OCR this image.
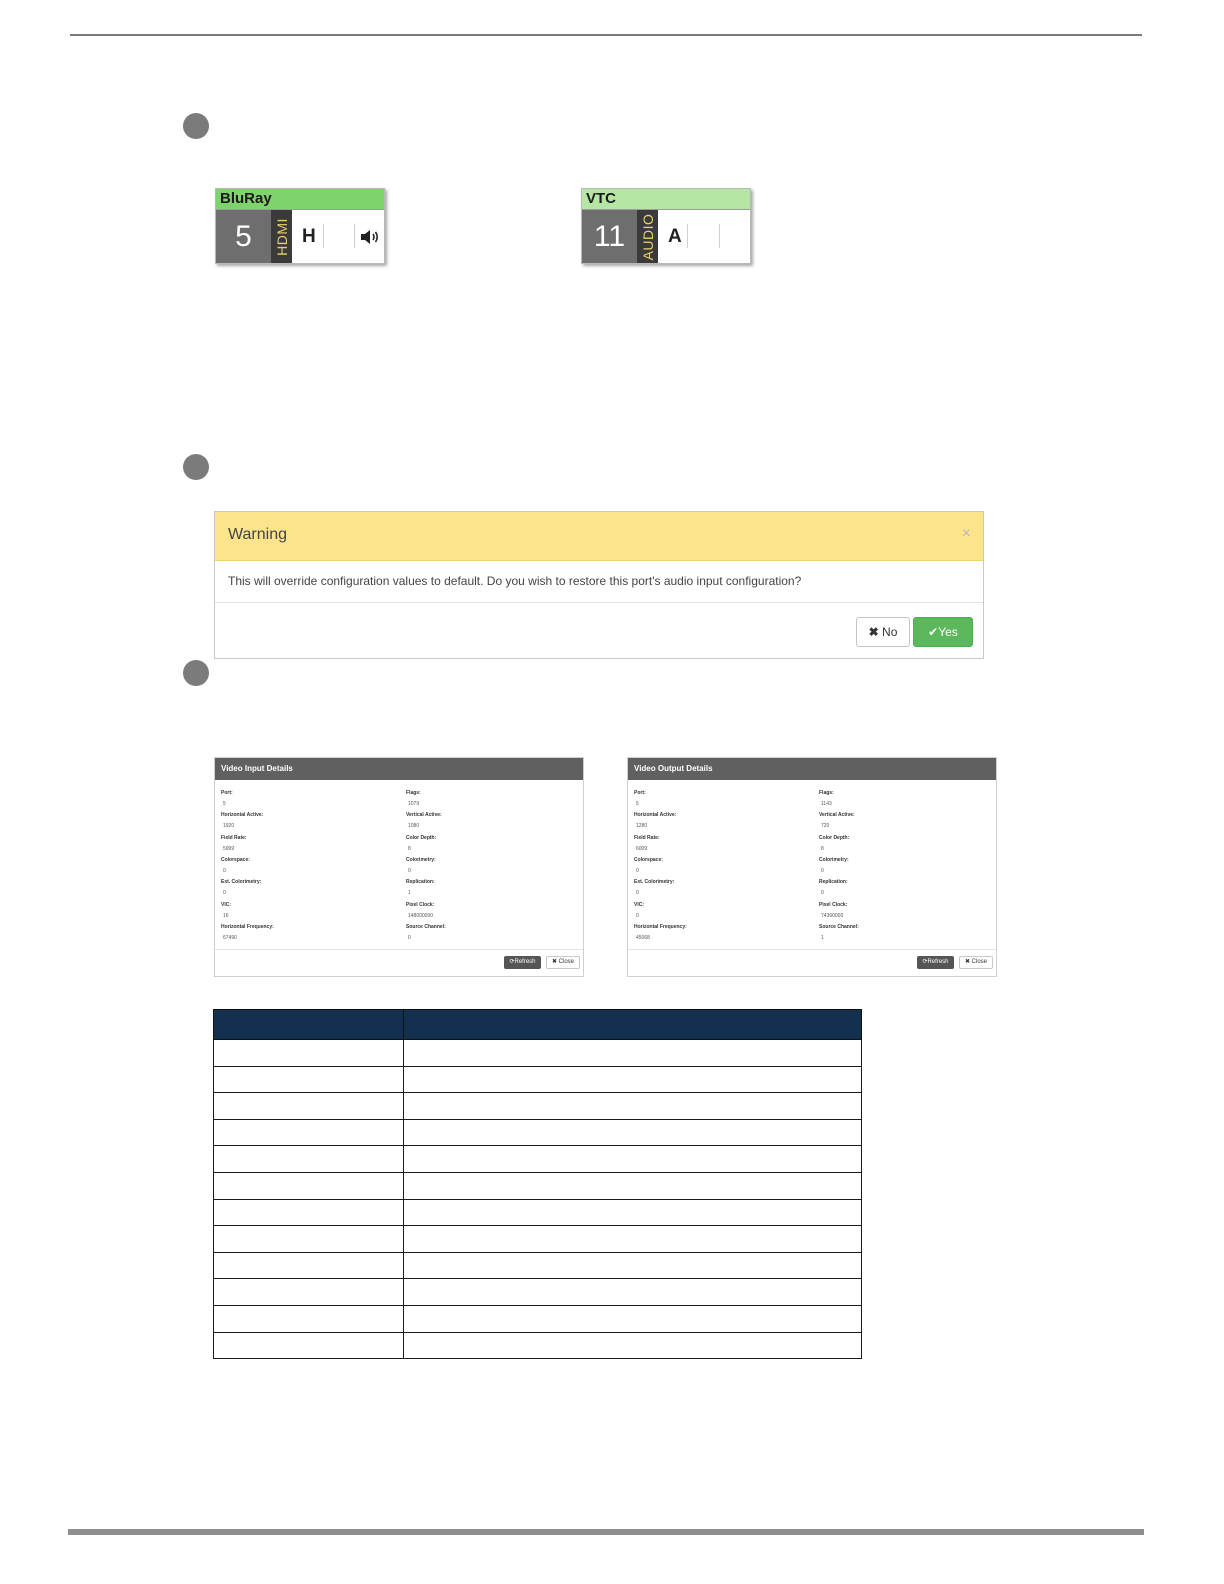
BluRay
5	HDMI H
VTC
11	AUDIO A
Warning	×
This will override configuration values to default. Do you wish to restore this port's audio input configuration?
✖ No	✔Yes
Video Input Details
⟳Refresh	✖ Close
Port:
5
Flags:
1079
Horizontal Active:
1920
Vertical Active:
1080
Field Rate:
5999
Color Depth:
8
Colorspace:
0
Colorimetry:
0
Ext. Colorimetry:
0
Replication:
1
VIC:
16
Pixel Clock:
148000000
Horizontal Frequency:
67490
Source Channel:
0
Video Output Details
⟳Refresh	✖ Close
Port:
5
Flags:
1143
Horizontal Active:
1280
Vertical Active:
720
Field Rate:
6009
Color Depth:
8
Colorspace:
0
Colorimetry:
0
Ext. Colorimetry:
0
Replication:
0
VIC:
0
Pixel Clock:
74360000
Horizontal Frequency:
45068
Source Channel:
1
